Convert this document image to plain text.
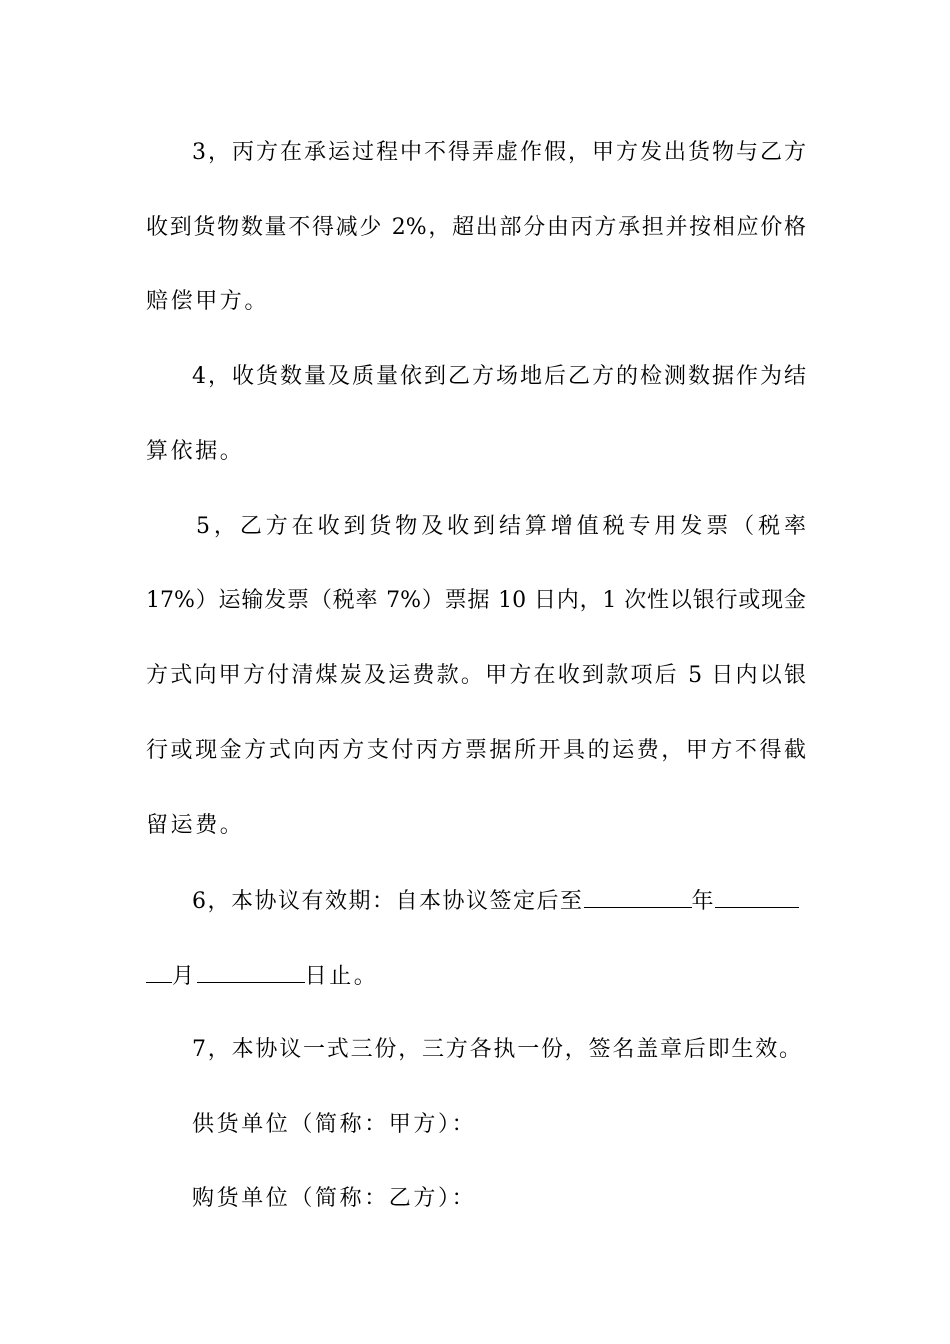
3，丙方在承运过程中不得弄虚作假，甲方发出货物与乙方
收到货物数量不得减少 2%，超出部分由丙方承担并按相应价格
赔偿甲方。
4，收货数量及质量依到乙方场地后乙方的检测数据作为结
算依据。
5，乙方在收到货物及收到结算增值税专用发票（税率
17%）运输发票（税率 7%）票据 10 日内，1 次性以银行或现金
方式向甲方付清煤炭及运费款。甲方在收到款项后 5 日内以银
行或现金方式向丙方支付丙方票据所开具的运费，甲方不得截
留运费。
6，本协议有效期：自本协议签定后至	年
月	日止。
7，本协议一式三份，三方各执一份，签名盖章后即生效。
供货单位（简称：甲方）：
购货单位（简称：乙方）：
